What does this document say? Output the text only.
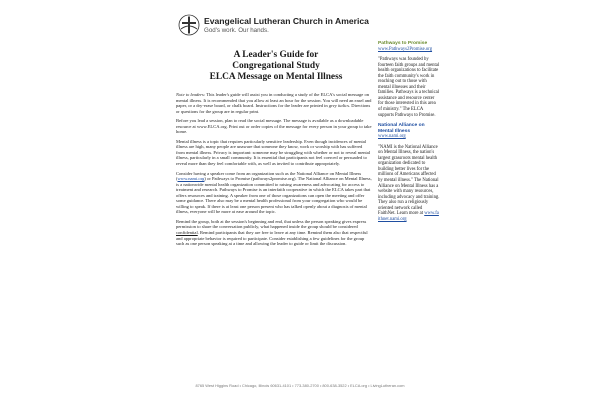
Evangelical Lutheran Church in America
God's work. Our hands.
A Leader's Guide for
Congregational Study
ELCA Message on Mental Illness

Note to leaders: This leader's guide will assist you in conducting a study of the ELCA's social message on mental illness. It is recommended that you allow at least an hour for the session. You will need an easel and paper, or a dry-erase board, or chalk board. Instructions for the leader are printed in grey italics. Directions or questions for the group are in regular print.

Before you lead a session, plan to read the social message. The message is available as a downloadable resource at www.ELCA.org. Print out or order copies of the message for every person in your group to take home.

Mental illness is a topic that requires particularly sensitive leadership. Even though incidences of mental illness are high, many people are unaware that someone they know, work or worship with has suffered from mental illness. Privacy is important: someone may be struggling with whether or not to reveal mental illness, particularly in a small community. It is essential that participants not feel coerced or persuaded to reveal more than they feel comfortable with, as well as invited to contribute appropriately.

Consider having a speaker come from an organization such as the National Alliance on Mental Illness (www.nami.org) or Pathways to Promise (pathways2promise.org). The National Alliance on Mental Illness, is a nationwide mental health organization committed to raising awareness and advocating for access to treatment and research. Pathways to Promise is an interfaith cooperative in which the ELCA takes part that offers resources and training. A speaker from one of those organizations can open the meeting and offer some guidance. There also may be a mental health professional from your congregation who would be willing to speak. If there is at least one person present who has talked openly about a diagnosis of mental illness, everyone will be more at ease around the topic.

Remind the group, both at the session's beginning and end, that unless the person speaking gives express permission to share the conversation publicly, what happened inside the group should be considered confidential. Remind participants that they are free to leave at any time. Remind them also that respectful and appropriate behavior is required to participate. Consider establishing a few guidelines for the group such as one person speaking at a time and allowing the leader to guide or limit the discussion.

Pathways to Promise
www.Pathways2Promise.org
"Pathways was founded by fourteen faith groups and mental health organizations to facilitate the faith community's work in reaching out to those with mental illnesses and their families. Pathways is a technical assistance and resource center for those interested in this area of ministry." The ELCA supports Pathways to Promise.
National Alliance on Mental Illness
www.nami.org
"NAMI is the National Alliance on Mental Illness, the nation's largest grassroots mental health organization dedicated to building better lives for the millions of Americans affected by mental illness." The National Alliance on Mental Illness has a website with many resources, including advocacy and training. They also run a religiously oriented network called FaithNet. Learn more at www.faithnet.nami.org
8765 West Higgins Road • Chicago, Illinois 60631-4101 • 773-380-2700 • 800-638-3522 • ELCA.org • LivingLutheran.com
